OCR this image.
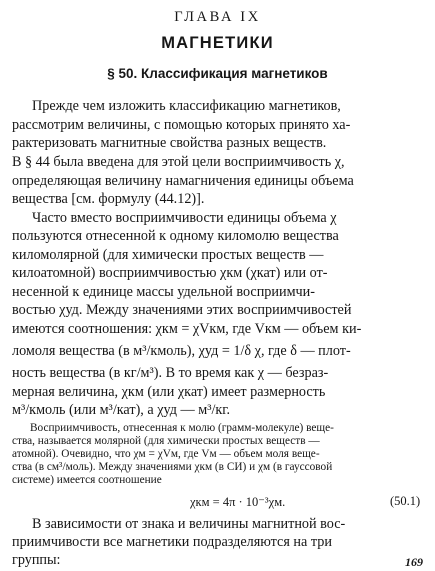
ГЛАВА IX
МАГНЕТИКИ
§ 50. Классификация магнетиков
Прежде чем изложить классификацию магнетиков,
рассмотрим величины, с помощью которых принято ха-
рактеризовать магнитные свойства разных веществ.
В § 44 была введена для этой цели восприимчивость χ,
определяющая величину намагничения единицы объема
вещества [см. формулу (44.12)].
Часто вместо восприимчивости единицы объема χ
пользуются отнесенной к одному киломолю вещества
киломолярной (для химически простых веществ —
килоатомной) восприимчивостью χкм (χкат) или от-
несенной к единице массы удельной восприимчи-
востью χуд. Между значениями этих восприимчивостей
имеются соотношения: χкм = χVкм, где Vкм — объем ки-
ломоля вещества (в м³/кмоль), χуд = 1/δ χ, где δ — плот-
ность вещества (в кг/м³). В то время как χ — безраз-
мерная величина, χкм (или χкат) имеет размерность
м³/кмоль (или м³/кат), а χуд — м³/кг.
Восприимчивость, отнесенная к молю (грамм-молекуле) веще-
ства, называется молярной (для химически простых веществ —
атомной). Очевидно, что χм = χVм, где Vм — объем моля веще-
ства (в см³/моль). Между значениями χкм (в СИ) и χм (в гауссовой
системе) имеется соотношение
χкм = 4π · 10⁻³χм.	(50.1)
В зависимости от знака и величины магнитной вос-
приимчивости все магнетики подразделяются на три
группы:	169
